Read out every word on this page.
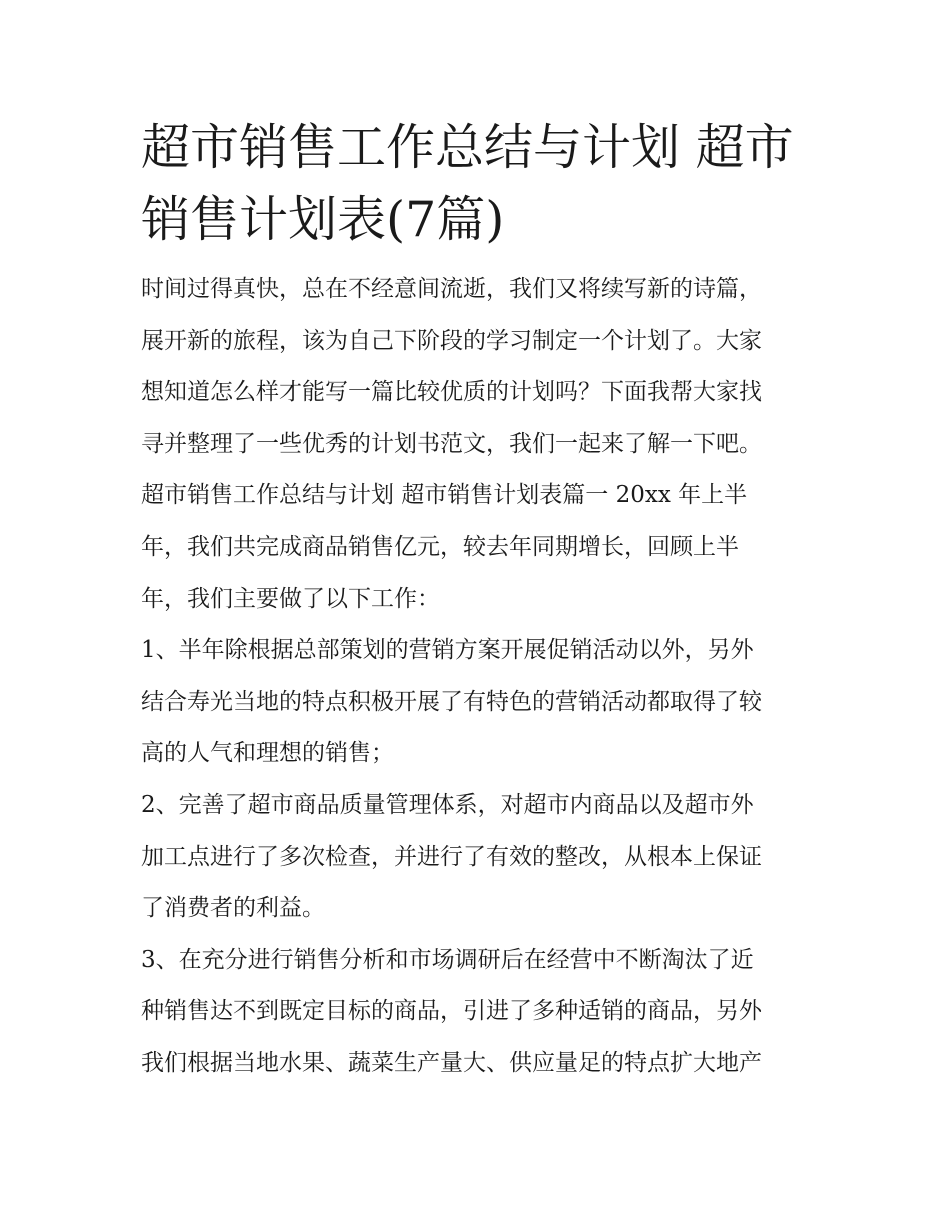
超市销售工作总结与计划 超市
销售计划表(7篇)

时间过得真快，总在不经意间流逝，我们又将续写新的诗篇，

展开新的旅程，该为自己下阶段的学习制定一个计划了。大家

想知道怎么样才能写一篇比较优质的计划吗？下面我帮大家找

寻并整理了一些优秀的计划书范文，我们一起来了解一下吧。

超市销售工作总结与计划 超市销售计划表篇一 20xx 年上半

年，我们共完成商品销售亿元，较去年同期增长，回顾上半

年，我们主要做了以下工作：

1、半年除根据总部策划的营销方案开展促销活动以外，另外

结合寿光当地的特点积极开展了有特色的营销活动都取得了较

高的人气和理想的销售；

2、完善了超市商品质量管理体系，对超市内商品以及超市外

加工点进行了多次检查，并进行了有效的整改，从根本上保证

了消费者的利益。

3、在充分进行销售分析和市场调研后在经营中不断淘汰了近

种销售达不到既定目标的商品，引进了多种适销的商品，另外

我们根据当地水果、蔬菜生产量大、供应量足的特点扩大地产
